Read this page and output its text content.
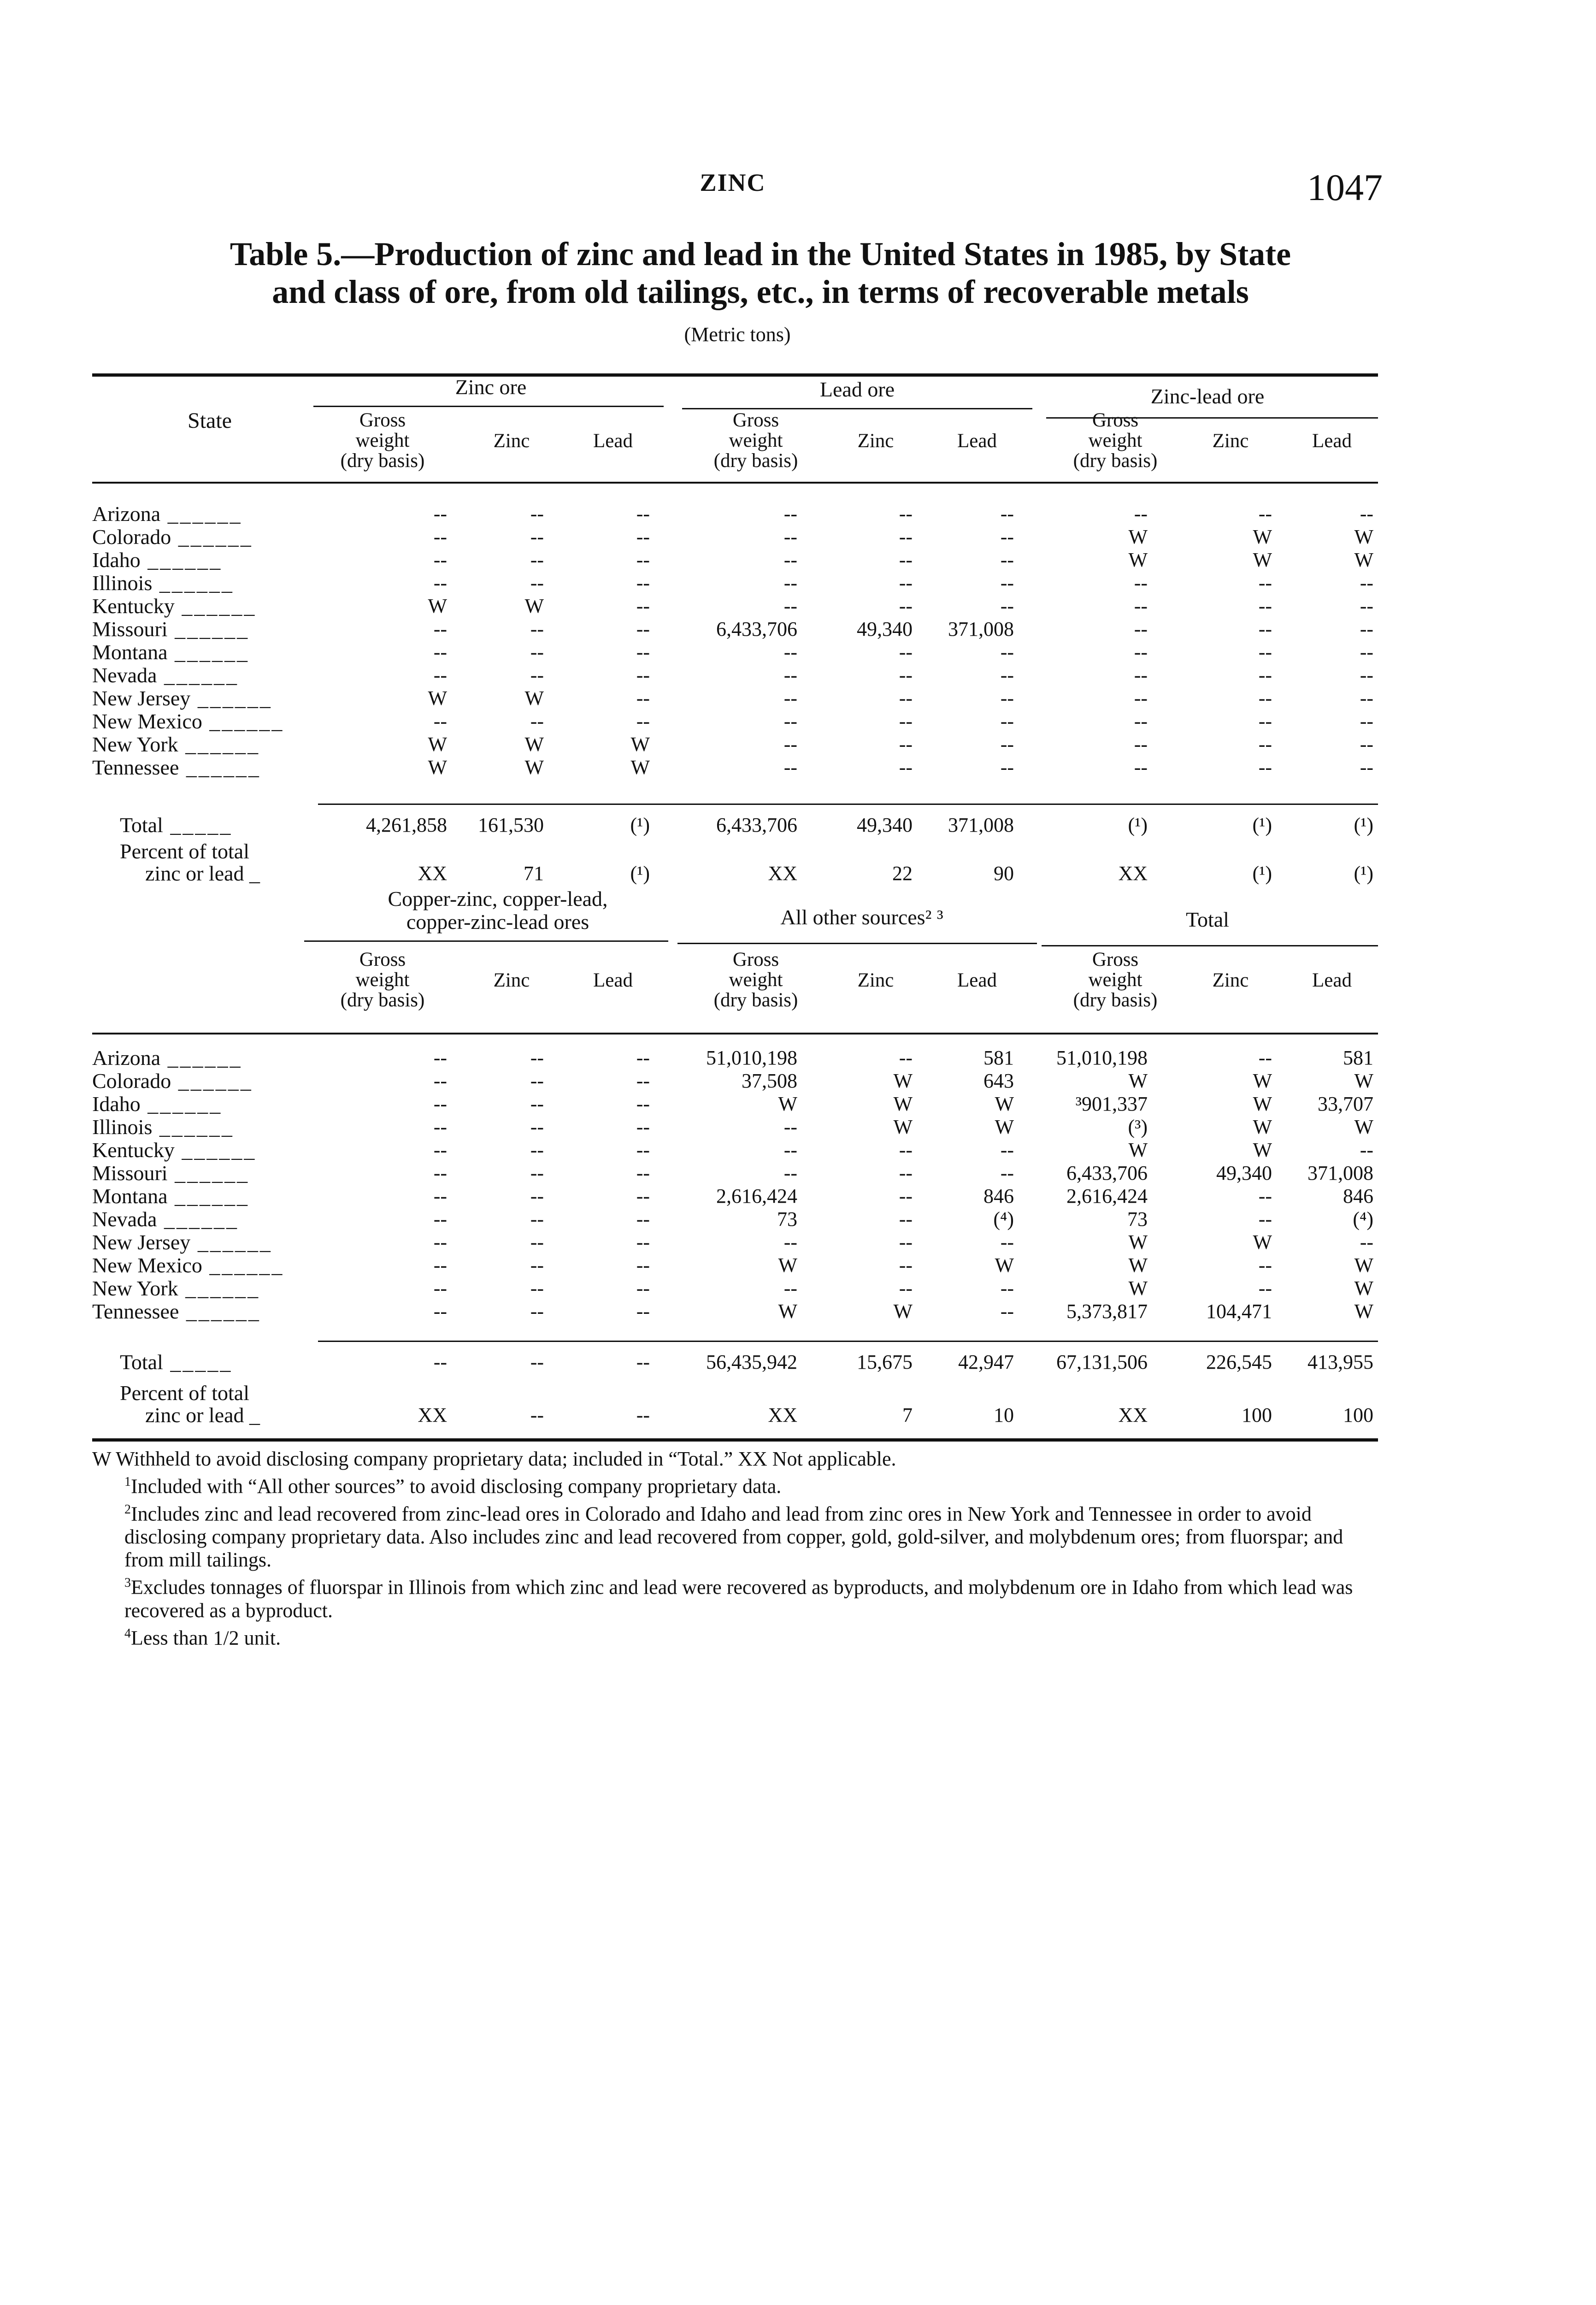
ZINC	1047
Table 5.—Production of zinc and lead in the United States in 1985, by State
and class of ore, from old tailings, etc., in terms of recoverable metals
(Metric tons)
State
Zinc ore	Lead ore	Zinc-lead ore
Gross
weight
(dry basis)
Zinc	Lead
Gross
weight
(dry basis)
Zinc	Lead
Gross
weight
(dry basis)
Zinc	Lead
Arizona ______	--	--	--	--	--	--	--	--	--
Colorado ______	--	--	--	--	--	--	W	W	W
Idaho ______	--	--	--	--	--	--	W	W	W
Illinois ______	--	--	--	--	--	--	--	--	--
Kentucky ______	W	W	--	--	--	--	--	--	--
Missouri ______	--	--	--	6,433,706	49,340	371,008	--	--	--
Montana ______	--	--	--	--	--	--	--	--	--
Nevada ______	--	--	--	--	--	--	--	--	--
New Jersey ______	W	W	--	--	--	--	--	--	--
New Mexico ______	--	--	--	--	--	--	--	--	--
New York ______	W	W	W	--	--	--	--	--	--
Tennessee ______	W	W	W	--	--	--	--	--	--
Total _____	4,261,858	161,530	(¹)	6,433,706	49,340	371,008	(¹)	(¹)	(¹)
Percent of total
zinc or lead _	XX	71	(¹)	XX	22	90	XX	(¹)	(¹)
Copper-zinc, copper-lead,
copper-zinc-lead ores	All other sources² ³	Total
Gross
weight
(dry basis)
Zinc	Lead
Gross
weight
(dry basis)
Zinc	Lead
Gross
weight
(dry basis)
Zinc	Lead
Arizona ______	--	--	--	51,010,198	--	581	51,010,198	--	581
Colorado ______	--	--	--	37,508	W	643	W	W	W
Idaho ______	--	--	--	W	W	W	³901,337	W	33,707
Illinois ______	--	--	--	--	W	W	(³)	W	W
Kentucky ______	--	--	--	--	--	--	W	W	--
Missouri ______	--	--	--	--	--	--	6,433,706	49,340	371,008
Montana ______	--	--	--	2,616,424	--	846	2,616,424	--	846
Nevada ______	--	--	--	73	--	(⁴)	73	--	(⁴)
New Jersey ______	--	--	--	--	--	--	W	W	--
New Mexico ______	--	--	--	W	--	W	W	--	W
New York ______	--	--	--	--	--	--	W	--	W
Tennessee ______	--	--	--	W	W	--	5,373,817	104,471	W
Total _____	--	--	--	56,435,942	15,675	42,947	67,131,506	226,545	413,955
Percent of total
zinc or lead _	XX	--	--	XX	7	10	XX	100	100

W Withheld to avoid disclosing company proprietary data; included in “Total.” XX Not applicable.

$^1$Included with “All other sources” to avoid disclosing company proprietary data.

$^2$Includes zinc and lead recovered from zinc-lead ores in Colorado and Idaho and lead from zinc ores in New York and Tennessee in order to avoid disclosing company proprietary data. Also includes zinc and lead recovered from copper, gold, gold-silver, and molybdenum ores; from fluorspar; and from mill tailings.

$^3$Excludes tonnages of fluorspar in Illinois from which zinc and lead were recovered as byproducts, and molybdenum ore in Idaho from which lead was recovered as a byproduct.

$^4$Less than 1/2 unit.
